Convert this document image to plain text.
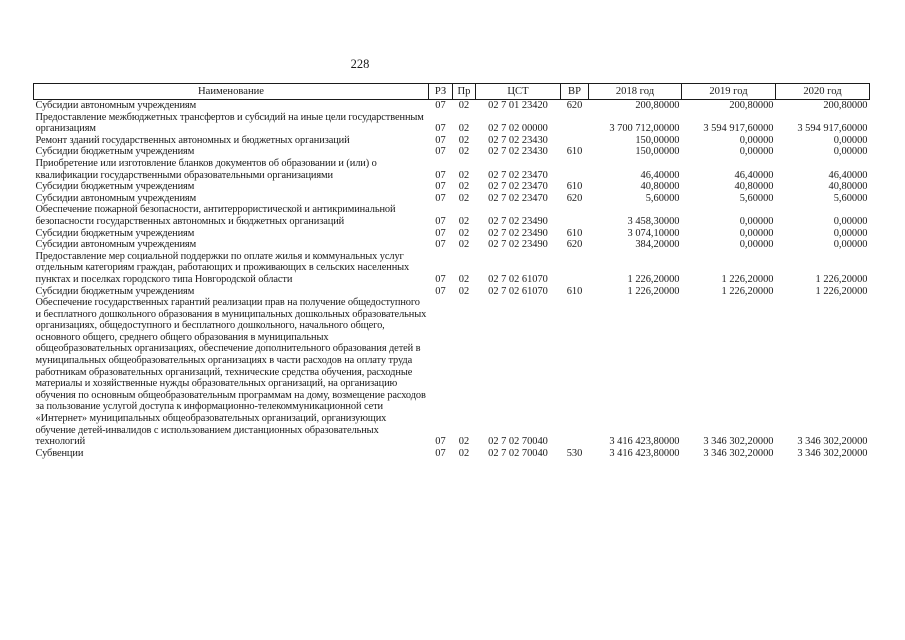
228
Наименование	РЗ	Пр	ЦСТ	ВР	2018 год	2019 год	2020 год
Субсидии автономным учреждениям	07	02	02 7 01 23420	620	200,80000	200,80000	200,80000
Предоставление межбюджетных трансфертов и субсидий на иные цели государственным организациям	07	02	02 7 02 00000		3 700 712,00000	3 594 917,60000	3 594 917,60000
Ремонт зданий государственных автономных и бюджетных организаций	07	02	02 7 02 23430		150,00000	0,00000	0,00000
Субсидии бюджетным учреждениям	07	02	02 7 02 23430	610	150,00000	0,00000	0,00000
Приобретение или изготовление бланков документов об образовании и (или) о квалификации государственными образовательными организациями	07	02	02 7 02 23470		46,40000	46,40000	46,40000
Субсидии бюджетным учреждениям	07	02	02 7 02 23470	610	40,80000	40,80000	40,80000
Субсидии автономным учреждениям	07	02	02 7 02 23470	620	5,60000	5,60000	5,60000
Обеспечение пожарной безопасности, антитеррористической и антикриминальной безопасности государственных автономных и бюджетных организаций	07	02	02 7 02 23490		3 458,30000	0,00000	0,00000
Субсидии бюджетным учреждениям	07	02	02 7 02 23490	610	3 074,10000	0,00000	0,00000
Субсидии автономным учреждениям	07	02	02 7 02 23490	620	384,20000	0,00000	0,00000
Предоставление мер социальной поддержки по оплате жилья и коммунальных услуг отдельным категориям граждан, работающих и проживающих в сельских населенных пунктах и поселках городского типа Новгородской области	07	02	02 7 02 61070		1 226,20000	1 226,20000	1 226,20000
Субсидии бюджетным учреждениям	07	02	02 7 02 61070	610	1 226,20000	1 226,20000	1 226,20000
Обеспечение государственных гарантий реализации прав на получение общедоступного и бесплатного дошкольного образования в муниципальных дошкольных образовательных организациях, общедоступного и бесплатного дошкольного, начального общего, основного общего, среднего общего образования в муниципальных общеобразовательных организациях, обеспечение дополнительного образования детей в муниципальных общеобразовательных организациях в части расходов на оплату труда работникам образовательных организаций, технические средства обучения, расходные материалы и хозяйственные нужды образовательных организаций, на организацию обучения по основным общеобразовательным программам на дому, возмещение расходов за пользование услугой доступа к информационно-телекоммуникационной сети «Интернет» муниципальных общеобразовательных организаций, организующих обучение детей-инвалидов с использованием дистанционных образовательных технологий	07	02	02 7 02 70040		3 416 423,80000	3 346 302,20000	3 346 302,20000
Субвенции	07	02	02 7 02 70040	530	3 416 423,80000	3 346 302,20000	3 346 302,20000
